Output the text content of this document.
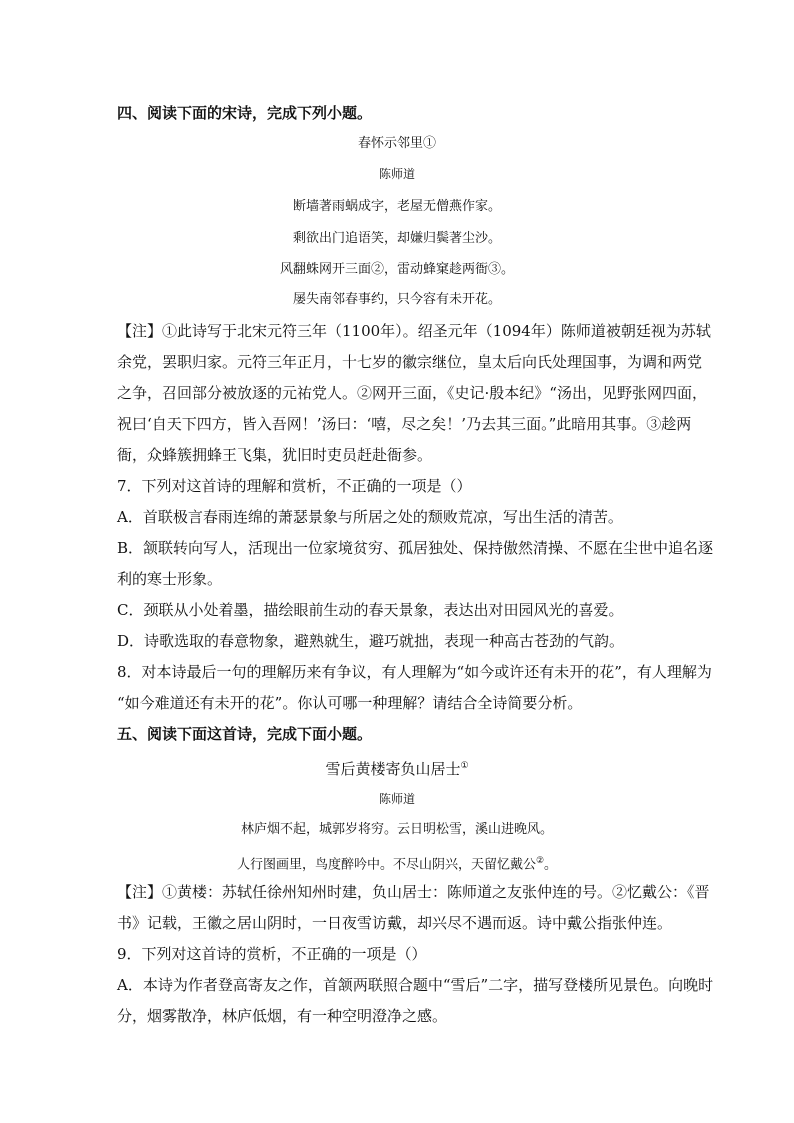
四、阅读下面的宋诗，完成下列小题。
春怀示邻里①
陈师道
断墙著雨蜗成字，老屋无僧燕作家。
剩欲出门追语笑，却嫌归鬓著尘沙。
风翻蛛网开三面②，雷动蜂窠趁两衙③。
屡失南邻春事约，只今容有未开花。
【注】①此诗写于北宋元符三年（1100年）。绍圣元年（1094年）陈师道被朝廷视为苏轼
余党，罢职归家。元符三年正月，十七岁的徽宗继位，皇太后向氏处理国事，为调和两党
之争，召回部分被放逐的元祐党人。②网开三面，《史记·殷本纪》“汤出，见野张网四面，
祝曰‘自天下四方，皆入吾网！’汤曰：‘嘻，尽之矣！’乃去其三面。”此暗用其事。③趁两
衙，众蜂簇拥蜂王飞集，犹旧时吏员赶赴衙参。
7．下列对这首诗的理解和赏析，不正确的一项是（）
A．首联极言春雨连绵的萧瑟景象与所居之处的颓败荒凉，写出生活的清苦。
B．颔联转向写人，活现出一位家境贫穷、孤居独处、保持傲然清操、不愿在尘世中追名逐
利的寒士形象。
C．颈联从小处着墨，描绘眼前生动的春天景象，表达出对田园风光的喜爱。
D．诗歌选取的春意物象，避熟就生，避巧就拙，表现一种高古苍劲的气韵。
8．对本诗最后一句的理解历来有争议，有人理解为“如今或许还有未开的花”，有人理解为
“如今难道还有未开的花”。你认可哪一种理解？请结合全诗简要分析。
五、阅读下面这首诗，完成下面小题。
雪后黄楼寄负山居士①
陈师道
林庐烟不起，城郭岁将穷。云日明松雪，溪山进晚风。
人行图画里，鸟度醉吟中。不尽山阴兴，天留忆戴公②。
【注】①黄楼：苏轼任徐州知州时建，负山居士：陈师道之友张仲连的号。②忆戴公：《晋
书》记载，王徽之居山阴时，一日夜雪访戴，却兴尽不遇而返。诗中戴公指张仲连。
9．下列对这首诗的赏析，不正确的一项是（）
A．本诗为作者登高寄友之作，首颔两联照合题中“雪后”二字，描写登楼所见景色。向晚时
分，烟雾散净，林庐低烟，有一种空明澄净之感。
